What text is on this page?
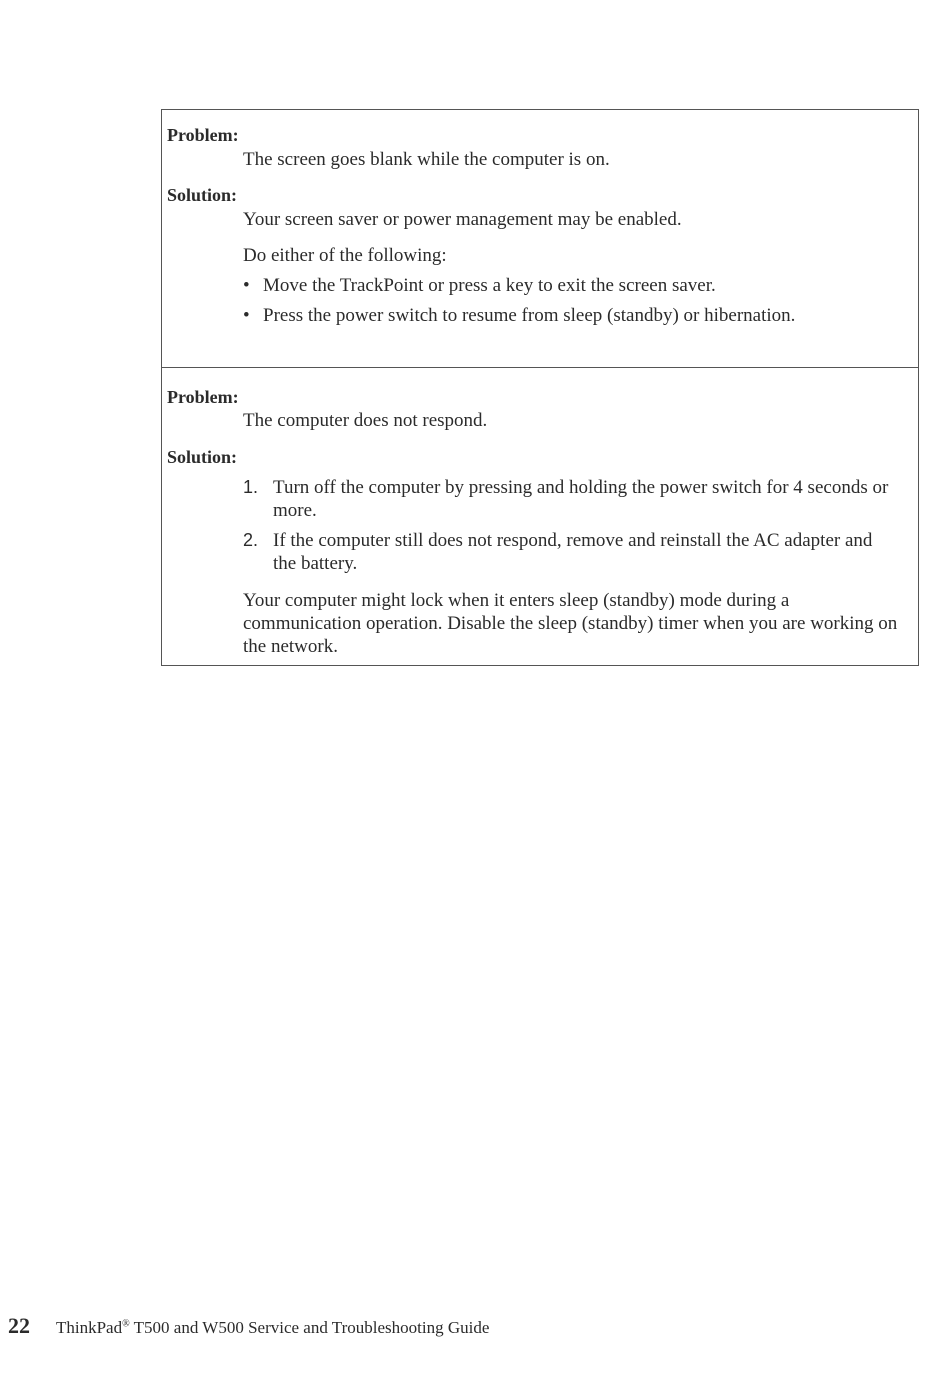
Problem:
The screen goes blank while the computer is on.
Solution:
Your screen saver or power management may be enabled.
Do either of the following:
• Move the TrackPoint or press a key to exit the screen saver.
• Press the power switch to resume from sleep (standby) or hibernation.
Problem:
The computer does not respond.
Solution:
1. Turn off the computer by pressing and holding the power switch for 4 seconds or more.
2. If the computer still does not respond, remove and reinstall the AC adapter and the battery.
Your computer might lock when it enters sleep (standby) mode during a communication operation. Disable the sleep (standby) timer when you are working on the network.
22 ThinkPad® T500 and W500 Service and Troubleshooting Guide
